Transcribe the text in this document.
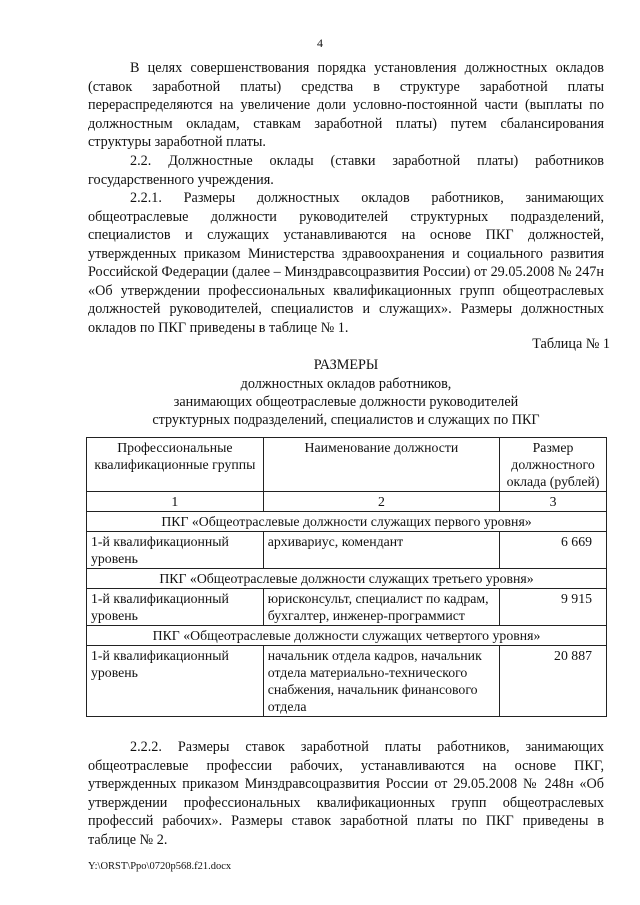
4

В целях совершенствования порядка установления должностных окладов (ставок заработной платы) средства в структуре заработной платы перераспределяются на увеличение доли условно-постоянной части (выплаты по должностным окладам, ставкам заработной платы) путем сбалансирования структуры заработной платы.

2.2. Должностные оклады (ставки заработной платы) работников государственного учреждения.

2.2.1. Размеры должностных окладов работников, занимающих общеотраслевые должности руководителей структурных подразделений, специалистов и служащих устанавливаются на основе ПКГ должностей, утвержденных приказом Министерства здравоохранения и социального развития Российской Федерации (далее – Минздравсоцразвития России) от 29.05.2008 № 247н «Об утверждении профессиональных квалификационных групп общеотраслевых должностей руководителей, специалистов и служащих». Размеры должностных окладов по ПКГ приведены в таблице № 1.

Таблица № 1

РАЗМЕРЫ

должностных окладов работников,
занимающих общеотраслевые должности руководителей
структурных подразделений, специалистов и служащих по ПКГ
Профессиональные квалификационные группы	Наименование должности	Размер должностного оклада (рублей)
1	2	3
ПКГ «Общеотраслевые должности служащих первого уровня»		
1-й квалификационный уровень	архивариус, комендант	6 669
ПКГ «Общеотраслевые должности служащих третьего уровня»		
1-й квалификационный уровень	юрисконсульт, специалист по кадрам, бухгалтер, инженер-программист	9 915
ПКГ «Общеотраслевые должности служащих четвертого уровня»		
1-й квалификационный уровень	начальник отдела кадров, начальник отдела материально-технического снабжения, начальник финансового отдела	20 887

2.2.2. Размеры ставок заработной платы работников, занимающих общеотраслевые профессии рабочих, устанавливаются на основе ПКГ, утвержденных приказом Минздравсоцразвития России от 29.05.2008 № 248н «Об утверждении профессиональных квалификационных групп общеотраслевых профессий рабочих». Размеры ставок заработной платы по ПКГ приведены в таблице № 2.

Y:\ORST\Ppo\0720p568.f21.docx
